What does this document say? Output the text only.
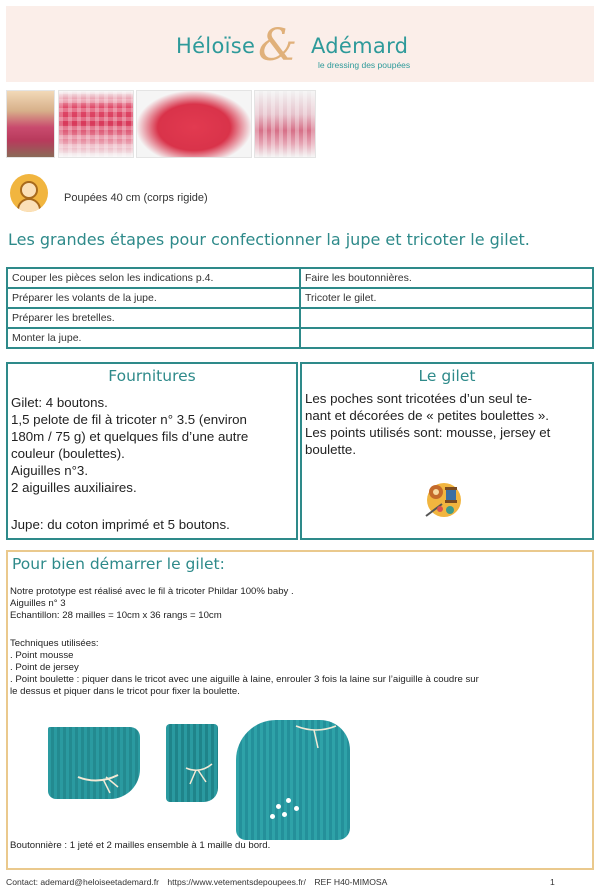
Héloïse & Adémard
le dressing des poupées
Poupées 40 cm (corps rigide)
Les grandes étapes pour confectionner la jupe et tricoter le gilet.
Couper les pièces selon les indications p.4.	Faire les boutonnières.
Préparer les volants de la jupe.	Tricoter le gilet.
Préparer les bretelles.	
Monter la jupe.	
Fournitures
Gilet: 4 boutons.
1,5 pelote de fil à tricoter n° 3.5 (environ
180m / 75 g) et quelques fils d’une autre
couleur (boulettes).
Aiguilles n°3.
2 aiguilles auxiliaires.
Jupe: du coton imprimé et 5 boutons.
Le gilet
Les poches sont tricotées d’un seul te-
nant et décorées de « petites boulettes ».
Les points utilisés sont: mousse, jersey et
boulette.
Pour bien démarrer le gilet:
Notre prototype est réalisé avec le fil à tricoter Phildar 100% baby .
Aiguilles n° 3
Echantillon: 28 mailles = 10cm x 36 rangs = 10cm
Techniques utilisées:
. Point mousse
. Point de jersey
. Point boulette : piquer dans le tricot avec une aiguille à laine, enrouler 3 fois la laine sur l’aiguille à coudre sur
le dessus et piquer dans le tricot pour fixer la boulette.
Boutonnière : 1 jeté et 2 mailles ensemble à 1 maille du bord.
Contact: ademard@heloiseetademard.fr https://www.vetementsdepoupees.fr/ REF H40-MIMOSA	1
